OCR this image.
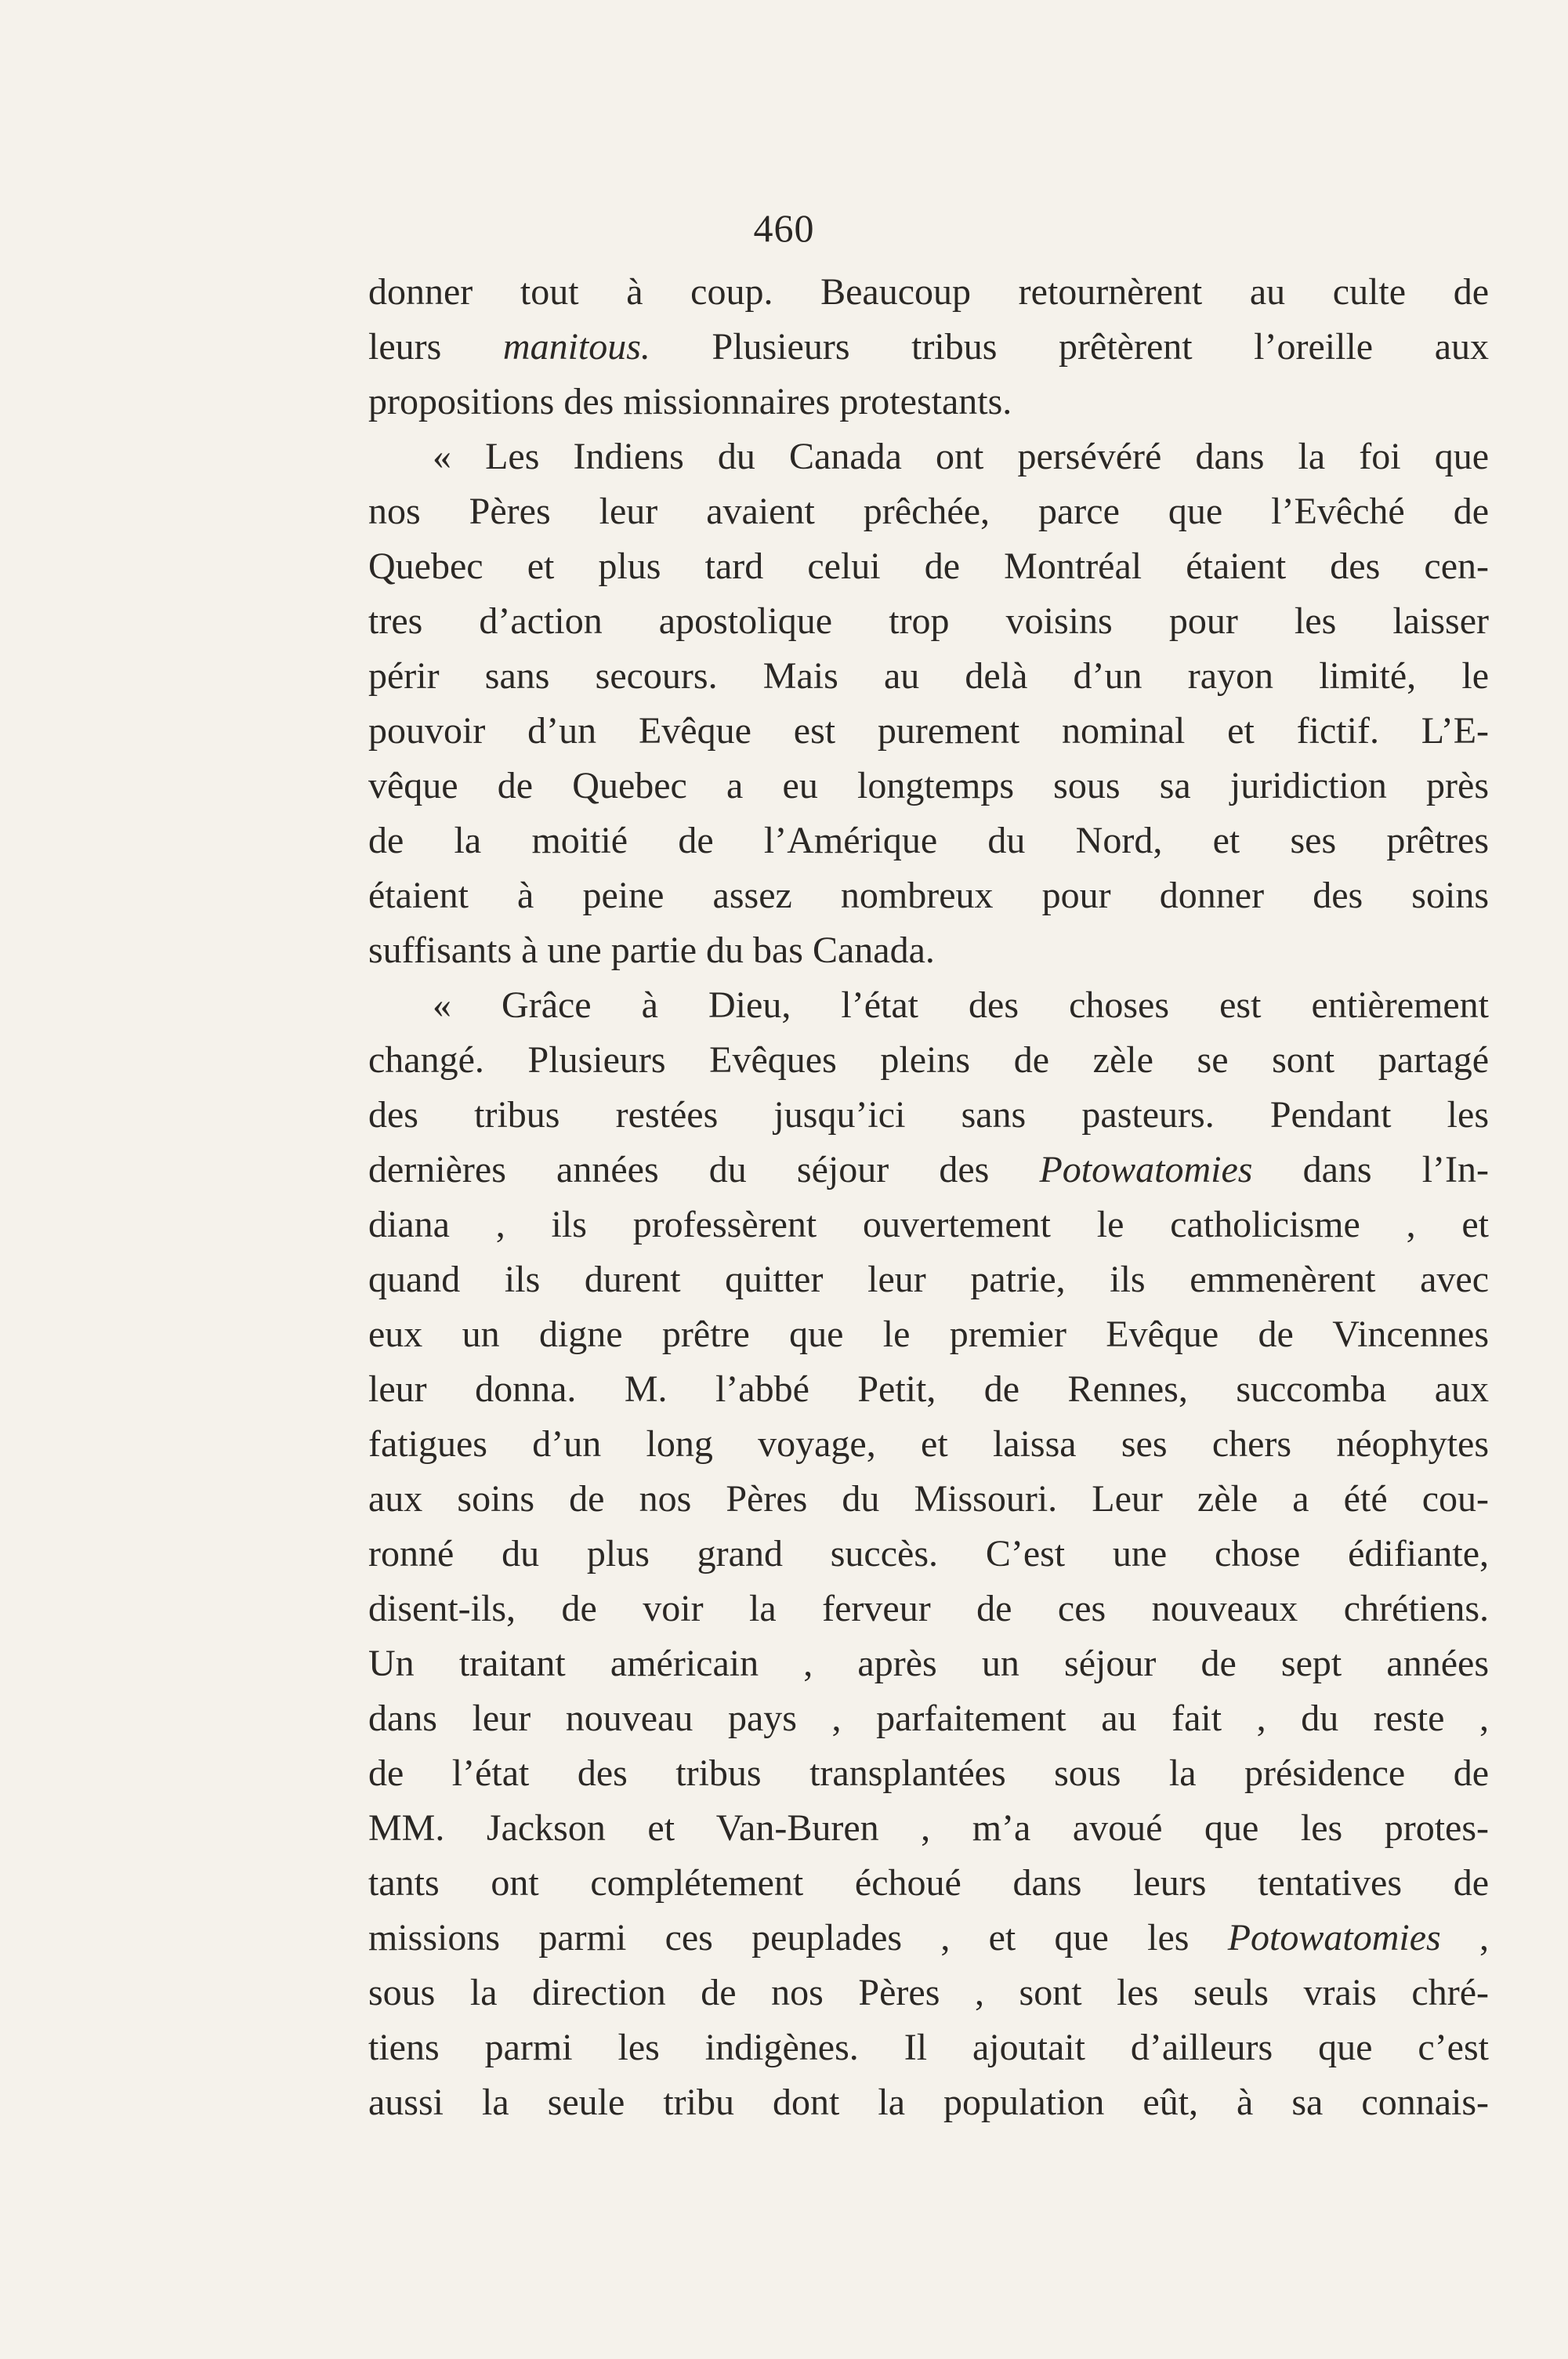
460
donner tout à coup. Beaucoup retournèrent au culte de
leurs manitous. Plusieurs tribus prêtèrent l’oreille aux
propositions des missionnaires protestants.
« Les Indiens du Canada ont persévéré dans la foi que
nos Pères leur avaient prêchée, parce que l’Evêché de
Quebec et plus tard celui de Montréal étaient des cen-
tres d’action apostolique trop voisins pour les laisser
périr sans secours. Mais au delà d’un rayon limité, le
pouvoir d’un Evêque est purement nominal et fictif. L’E-
vêque de Quebec a eu longtemps sous sa juridiction près
de la moitié de l’Amérique du Nord, et ses prêtres
étaient à peine assez nombreux pour donner des soins
suffisants à une partie du bas Canada.
« Grâce à Dieu, l’état des choses est entièrement
changé. Plusieurs Evêques pleins de zèle se sont partagé
des tribus restées jusqu’ici sans pasteurs. Pendant les
dernières années du séjour des Potowatomies dans l’In-
diana , ils professèrent ouvertement le catholicisme , et
quand ils durent quitter leur patrie, ils emmenèrent avec
eux un digne prêtre que le premier Evêque de Vincennes
leur donna. M. l’abbé Petit, de Rennes, succomba aux
fatigues d’un long voyage, et laissa ses chers néophytes
aux soins de nos Pères du Missouri. Leur zèle a été cou-
ronné du plus grand succès. C’est une chose édifiante,
disent-ils, de voir la ferveur de ces nouveaux chrétiens.
Un traitant américain , après un séjour de sept années
dans leur nouveau pays , parfaitement au fait , du reste ,
de l’état des tribus transplantées sous la présidence de
MM. Jackson et Van-Buren , m’a avoué que les protes-
tants ont complétement échoué dans leurs tentatives de
missions parmi ces peuplades , et que les Potowatomies ,
sous la direction de nos Pères , sont les seuls vrais chré-
tiens parmi les indigènes. Il ajoutait d’ailleurs que c’est
aussi la seule tribu dont la population eût, à sa connais-
